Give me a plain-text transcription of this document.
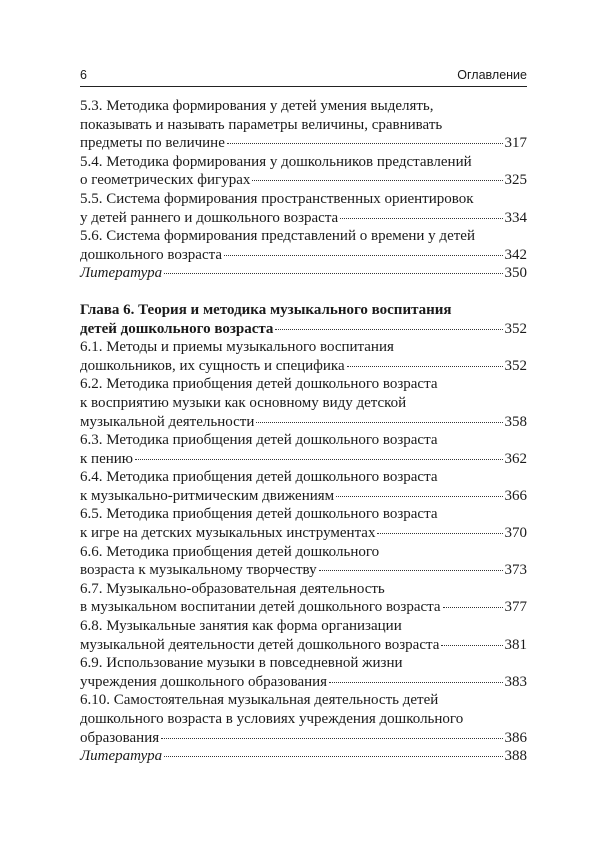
6	Оглавление
5.3. Методика формирования у детей умения выделять,
показывать и называть параметры величины, сравнивать
предметы по величине	317
5.4. Методика формирования у дошкольников представлений
о геометрических фигурах	325
5.5. Система формирования пространственных ориентировок
у детей раннего и дошкольного возраста	334
5.6. Система формирования представлений о времени у детей
дошкольного возраста	342
Литература	350
Глава 6. Теория и методика музыкального воспитания
детей дошкольного возраста	352
6.1. Методы и приемы музыкального воспитания
дошкольников, их сущность и специфика	352
6.2. Методика приобщения детей дошкольного возраста
к восприятию музыки как основному виду детской
музыкальной деятельности	358
6.3. Методика приобщения детей дошкольного возраста
к пению	362
6.4. Методика приобщения детей дошкольного возраста
к музыкально-ритмическим движениям	366
6.5. Методика приобщения детей дошкольного возраста
к игре на детских музыкальных инструментах	370
6.6. Методика приобщения детей дошкольного
возраста к музыкальному творчеству	373
6.7. Музыкально-образовательная деятельность
в музыкальном воспитании детей дошкольного возраста	377
6.8. Музыкальные занятия как форма организации
музыкальной деятельности детей дошкольного возраста	381
6.9. Использование музыки в повседневной жизни
учреждения дошкольного образования	383
6.10. Самостоятельная музыкальная деятельность детей
дошкольного возраста в условиях учреждения дошкольного
образования	386
Литература	388
